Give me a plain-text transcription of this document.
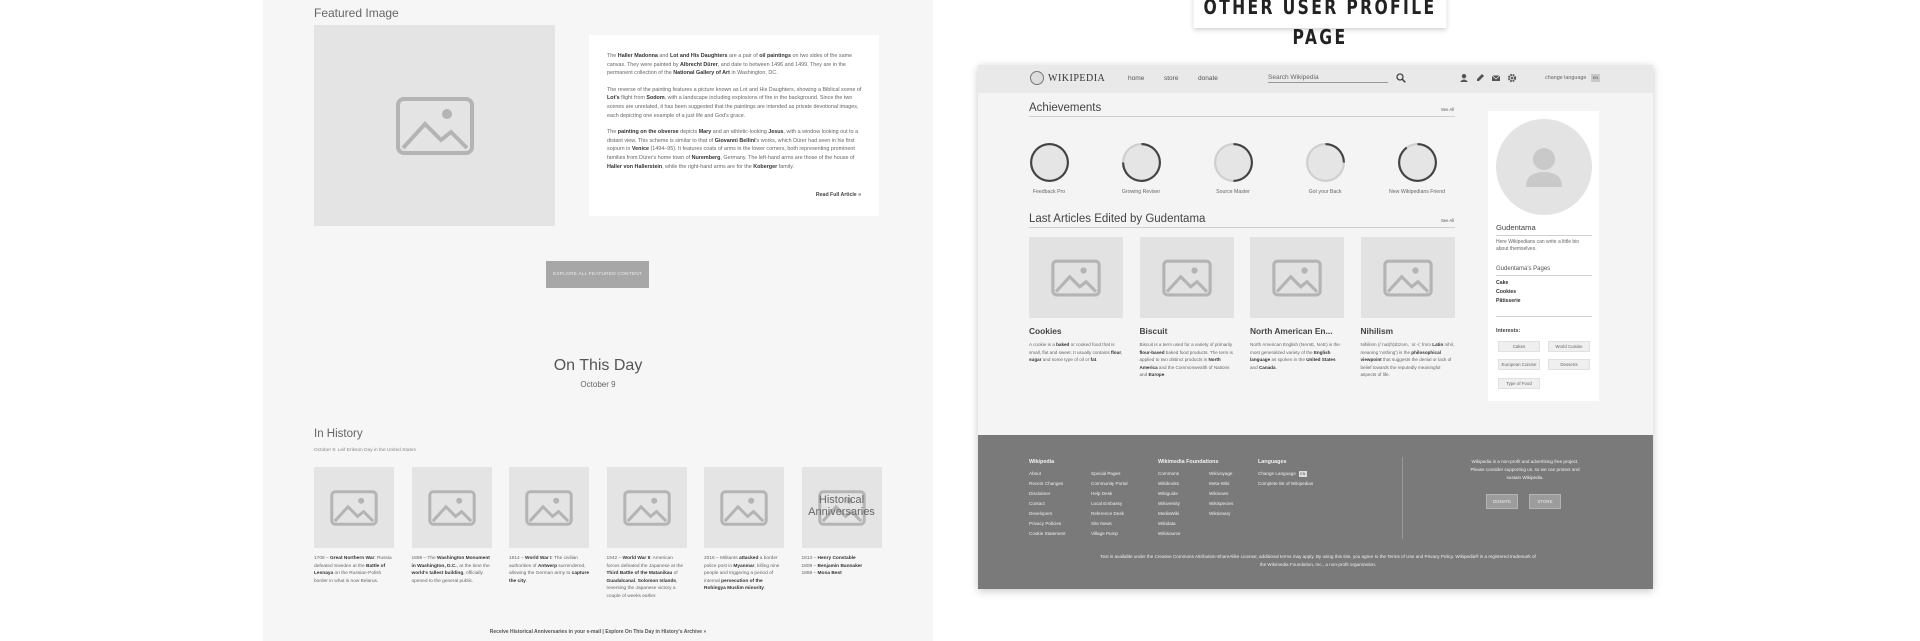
Featured Image

The Haller Madonna and Lot and His Daughters are a pair of oil paintings on two sides of the same canvas. They were painted by Albrecht Dürer, and date to between 1496 and 1499. They are in the permanent collection of the National Gallery of Art in Washington, DC.

The reverse of the painting features a picture known as Lot and His Daughters, showing a Biblical scene of Lot's flight from Sodom, with a landscape including explosions of fire in the background. Since the two scenes are unrelated, it has been suggested that the paintings are intended as private devotional images, each depicting one example of a just life and God's grace.

The painting on the obverse depicts Mary and an athletic-looking Jesus, with a window looking out to a distant view. This scheme is similar to that of Giovanni Bellini's works, which Dürer had seen in his first sojourn in Venice (1494–95). It features coats of arms in the lower corners, both representing prominent families from Dürer's home town of Nuremberg, Germany. The left-hand arms are those of the house of Haller von Hallerstein, while the right-hand arms are for the Koberger family.

Read Full Article »
EXPLORE ALL FEATURED CONTENT
On This Day
October 9
In History
October 9: Leif Erikson Day in the United States
1708 – Great Northern War: Russia defeated Sweden at the Battle of Lesnaya on the Russian-Polish border in what is now Belarus.
1888 – The Washington Monument in Washington, D.C., at the time the world's tallest building, officially opened to the general public.
1914 – World War I: The civilian authorities of Antwerp surrendered, allowing the German army to capture the city.
1942 – World War II: American forces defeated the Japanese at the Third Battle of the Matanikau of Guadalcanal, Solomon Islands, reversing the Japanese victory a couple of weeks earlier.
2016 – Militants attacked a border police post in Myanmar, killing nine people and triggering a period of internal persecution of the Rohingya Muslim minority.
Historical Anniversaries
1813 – Henry Constable
1808 – Benjamin Bannaker
1888 – Mona Best
Receive Historical Anniversaries in your e-mail | Explore On This Day in History's Archive »
OTHER USER PROFILE PAGE
WIKIPEDIA	home	store	donate
Search Wikipedia	change language	EN
Achievements	See All
Feedback Pro	Growing Reviser	Source Master	Got your Back	New Wikipedians Friend
Last Articles Edited by Gudentama	See All
Cookies
A cookie is a baked or cooked food that is small, flat and sweet. It usually contains flour, sugar and some type of oil or fat.
Biscuit
Biscuit is a term used for a variety of primarily flour-based baked food products. The term is applied to two distinct products in North America and the Commonwealth of Nations and Europe.
North American En...
North American English (NAmE, NAE) is the most generalized variety of the English language as spoken in the United States and Canada.
Nihilism
Nihilism (/ˈnaɪ(h)ɪlɪzəm, ˈniː-/; from Latin nihil, meaning 'nothing') is the philosophical viewpoint that suggests the denial or lack of belief towards the reputedly meaningful aspects of life.
Gudentama
Here Wikipedians can write a little bio about themselves.
Gudentama's Pages
Cake
Cookies
Pâtisserie
Interests:
Cakes	World Cuisine
European Cuisine	Desserts
Type of Food
Wikipedia
About
Recent Changes
Disclaimer
Contact
Developers
Privacy Policies
Cookie Statement
Special Pages
Community Portal
Help Desk
Local Embassy
Reference Desk
Site News
Village Pump
Wikimedia Foundations
Commons
Wikibooks
Wikiguide
Wikiversity
MediaWiki
Wikidata
Wikisource
Wikivoyage
Meta-Wiki
Wikinews
Wikispecies
Wiktionary
Languages
Change Language EN
Complete list of Wikipedias
Wikipedia is a non-profit and advertising free project. Please consider supporting us, so we can protect and sustain Wikipedia.
DONATE	STORE
Text is available under the Creative Commons Attribution-ShareAlike License; additional terms may apply. By using this site, you agree to the Terms of Use and Privacy Policy. Wikipedia® is a registered trademark of the Wikimedia Foundation, Inc., a non-profit organization.
